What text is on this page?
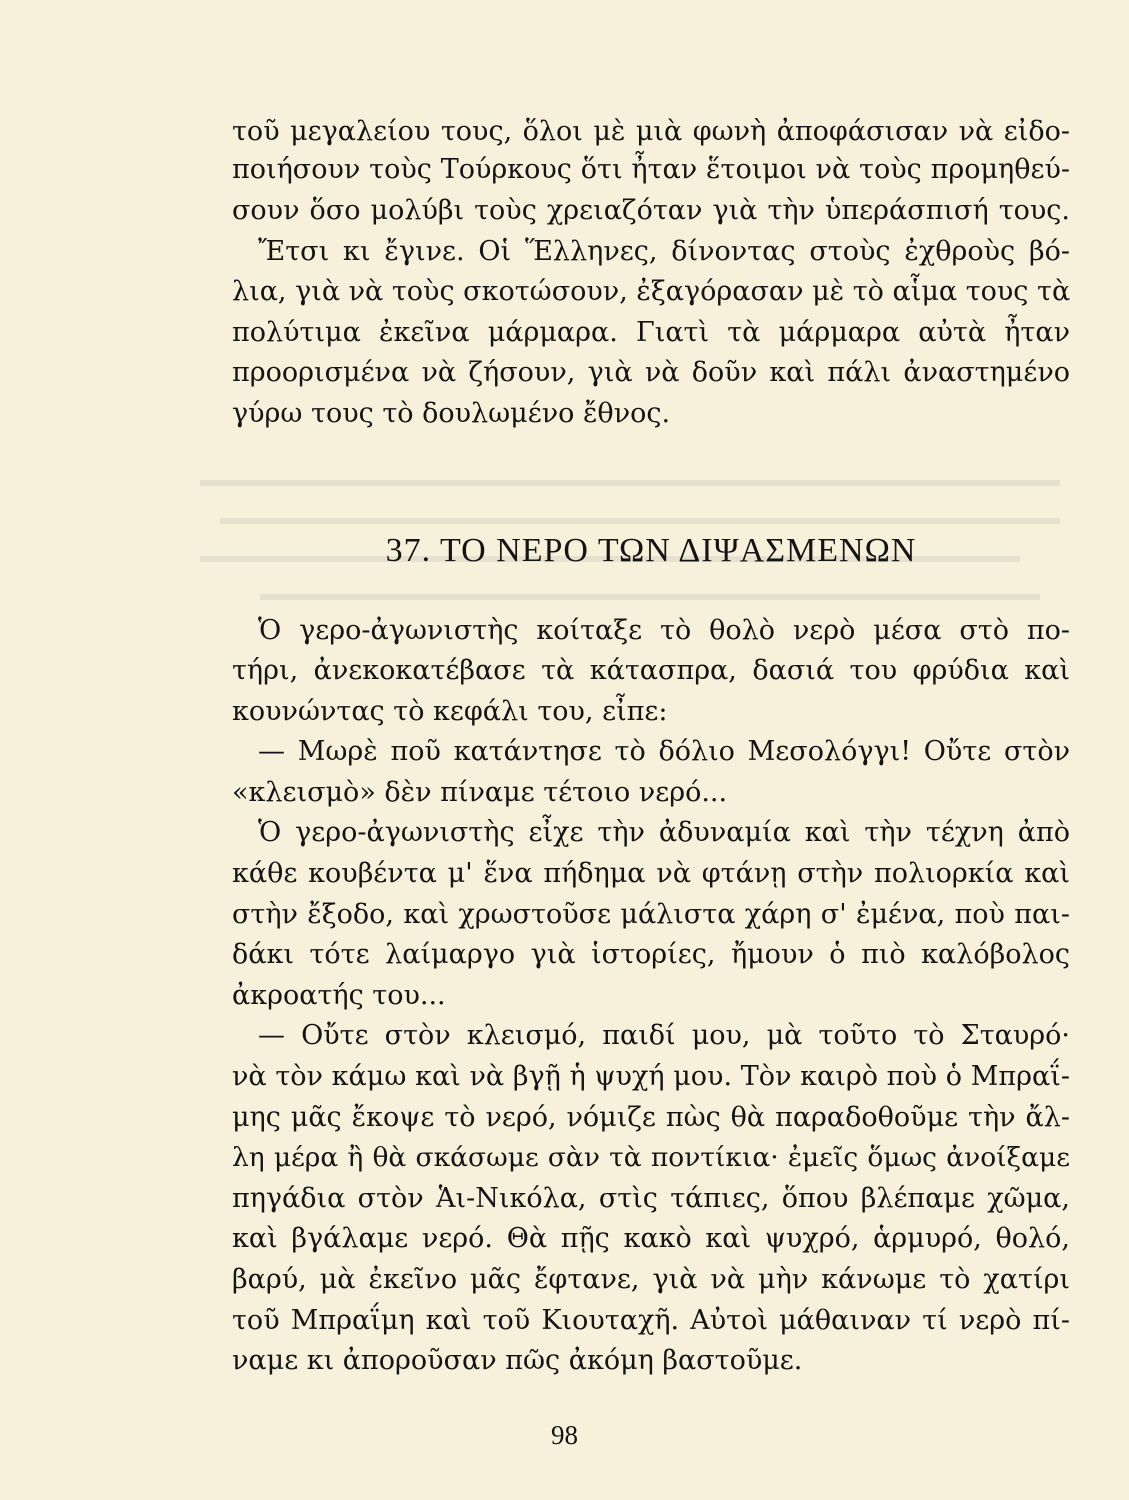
τοῦ μεγαλείου τους, ὅλοι μὲ μιὰ φωνὴ ἀποφάσισαν νὰ εἰδο-
ποιήσουν τοὺς Τούρκους ὅτι ἦταν ἕτοιμοι νὰ τοὺς προμηθεύ-
σουν ὅσο μολύβι τοὺς χρειαζόταν γιὰ τὴν ὑπεράσπισή τους.
Ἔτσι κι ἔγινε. Οἱ Ἕλληνες, δίνοντας στοὺς ἐχθροὺς βό-
λια, γιὰ νὰ τοὺς σκοτώσουν, ἐξαγόρασαν μὲ τὸ αἷμα τους τὰ
πολύτιμα ἐκεῖνα μάρμαρα. Γιατὶ τὰ μάρμαρα αὐτὰ ἦταν
προορισμένα νὰ ζήσουν, γιὰ νὰ δοῦν καὶ πάλι ἀναστημένο
γύρω τους τὸ δουλωμένο ἔθνος.
37. ΤΟ ΝΕΡΟ ΤΩΝ ΔΙΨΑΣΜΕΝΩΝ
Ὁ γερο-ἀγωνιστὴς κοίταξε τὸ θολὸ νερὸ μέσα στὸ πο-
τήρι, ἀνεκοκατέβασε τὰ κάτασπρα, δασιά του φρύδια καὶ
κουνώντας τὸ κεφάλι του, εἶπε:
— Μωρὲ ποῦ κατάντησε τὸ δόλιο Μεσολόγγι! Οὔτε στὸν
«κλεισμὸ» δὲν πίναμε τέτοιο νερό...
Ὁ γερο-ἀγωνιστὴς εἶχε τὴν ἀδυναμία καὶ τὴν τέχνη ἀπὸ
κάθε κουβέντα μ' ἕνα πήδημα νὰ φτάνῃ στὴν πολιορκία καὶ
στὴν ἔξοδο, καὶ χρωστοῦσε μάλιστα χάρη σ' ἐμένα, ποὺ παι-
δάκι τότε λαίμαργο γιὰ ἱστορίες, ἤμουν ὁ πιὸ καλόβολος
ἀκροατής του...
— Οὔτε στὸν κλεισμό, παιδί μου, μὰ τοῦτο τὸ Σταυρό·
νὰ τὸν κάμω καὶ νὰ βγῇ ἡ ψυχή μου. Τὸν καιρὸ ποὺ ὁ Μπραΐ-
μης μᾶς ἔκοψε τὸ νερό, νόμιζε πὼς θὰ παραδοθοῦμε τὴν ἄλ-
λη μέρα ἢ θὰ σκάσωμε σὰν τὰ ποντίκια· ἐμεῖς ὅμως ἀνοίξαμε
πηγάδια στὸν Ἁι-Νικόλα, στὶς τάπιες, ὅπου βλέπαμε χῶμα,
καὶ βγάλαμε νερό. Θὰ πῇς κακὸ καὶ ψυχρό, ἁρμυρό, θολό,
βαρύ, μὰ ἐκεῖνο μᾶς ἔφτανε, γιὰ νὰ μὴν κάνωμε τὸ χατίρι
τοῦ Μπραΐμη καὶ τοῦ Κιουταχῆ. Αὐτοὶ μάθαιναν τί νερὸ πί-
ναμε κι ἀποροῦσαν πῶς ἀκόμη βαστοῦμε.
98
